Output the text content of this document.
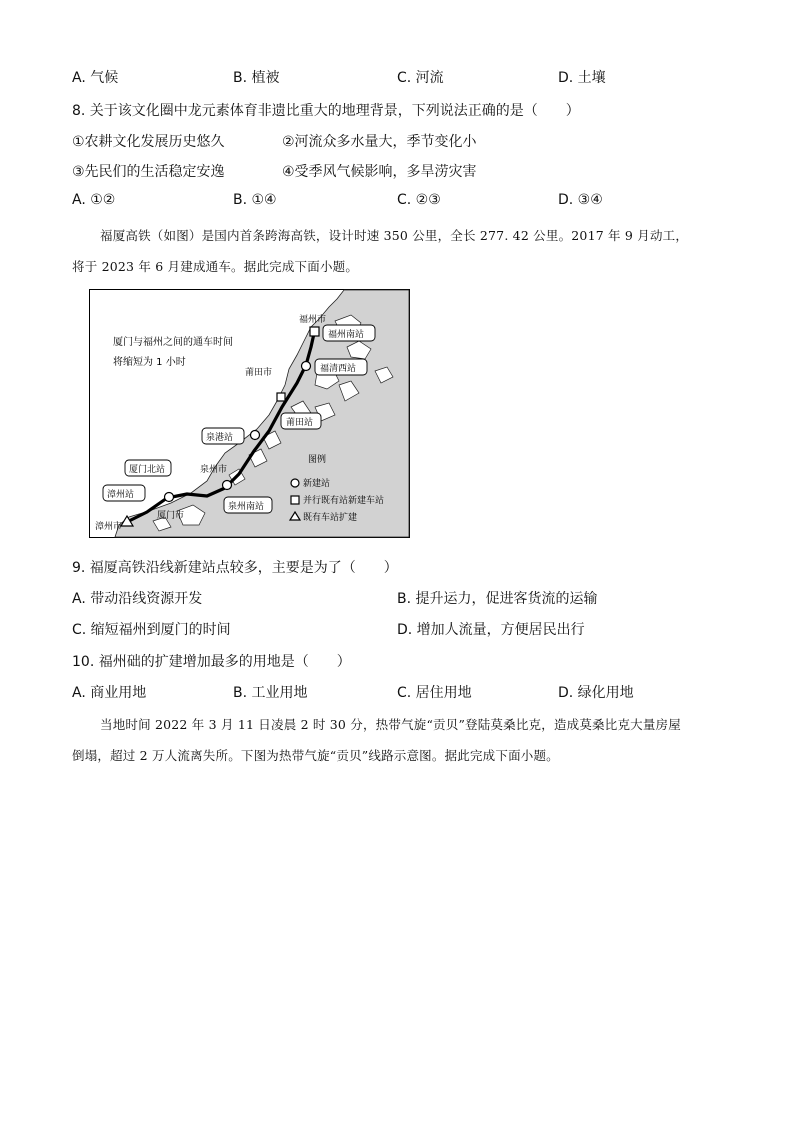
A. 气候	B. 植被	C. 河流	D. 土壤
8. 关于该文化圈中龙元素体育非遗比重大的地理背景，下列说法正确的是（　　）
①农耕文化发展历史悠久	②河流众多水量大，季节变化小
③先民们的生活稳定安逸	④受季风气候影响，多旱涝灾害
A. ①②	B. ①④	C. ②③	D. ③④
福厦高铁（如图）是国内首条跨海高铁，设计时速 350 公里，全长 277. 42 公里。2017 年 9 月动工，
将于 2023 年 6 月建成通车。据此完成下面小题。
厦门与福州之间的通车时间
将缩短为 1 小时
福州市
福州南站
福清西站
莆田市
莆田站
泉港站
泉州市
泉州南站
厦门北站
厦门市
漳州站
漳州市
图例
新建站
并行既有站新建车站
既有车站扩建
9. 福厦高铁沿线新建站点较多，主要是为了（　　）
A. 带动沿线资源开发	B. 提升运力，促进客货流的运输
C. 缩短福州到厦门的时间	D. 增加人流量，方便居民出行
10. 福州础的扩建增加最多的用地是（　　）
A. 商业用地	B. 工业用地	C. 居住用地	D. 绿化用地
当地时间 2022 年 3 月 11 日凌晨 2 时 30 分，热带气旋“贡贝”登陆莫桑比克，造成莫桑比克大量房屋
倒塌，超过 2 万人流离失所。下图为热带气旋“贡贝”线路示意图。据此完成下面小题。
